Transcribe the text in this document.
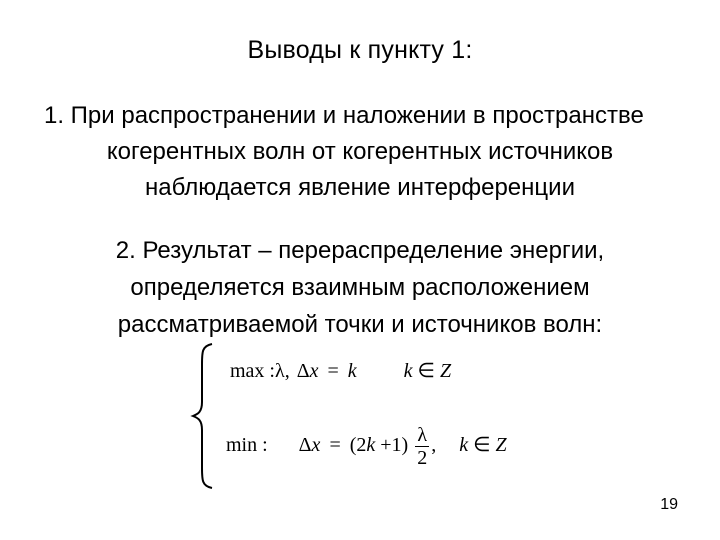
Выводы к пункту 1:
1. При распространении и наложении в пространстве
когерентных волн от когерентных источников
наблюдается явление интерференции
2. Результат – перераспределение энергии,
определяется взаимным расположением
рассматриваемой точки и источников волн:
max :λ, Δx = k k ∈ Z
min : $\Delta x = (2k +1) \frac{\lambda}{2}$ , k ∈ Z
19
